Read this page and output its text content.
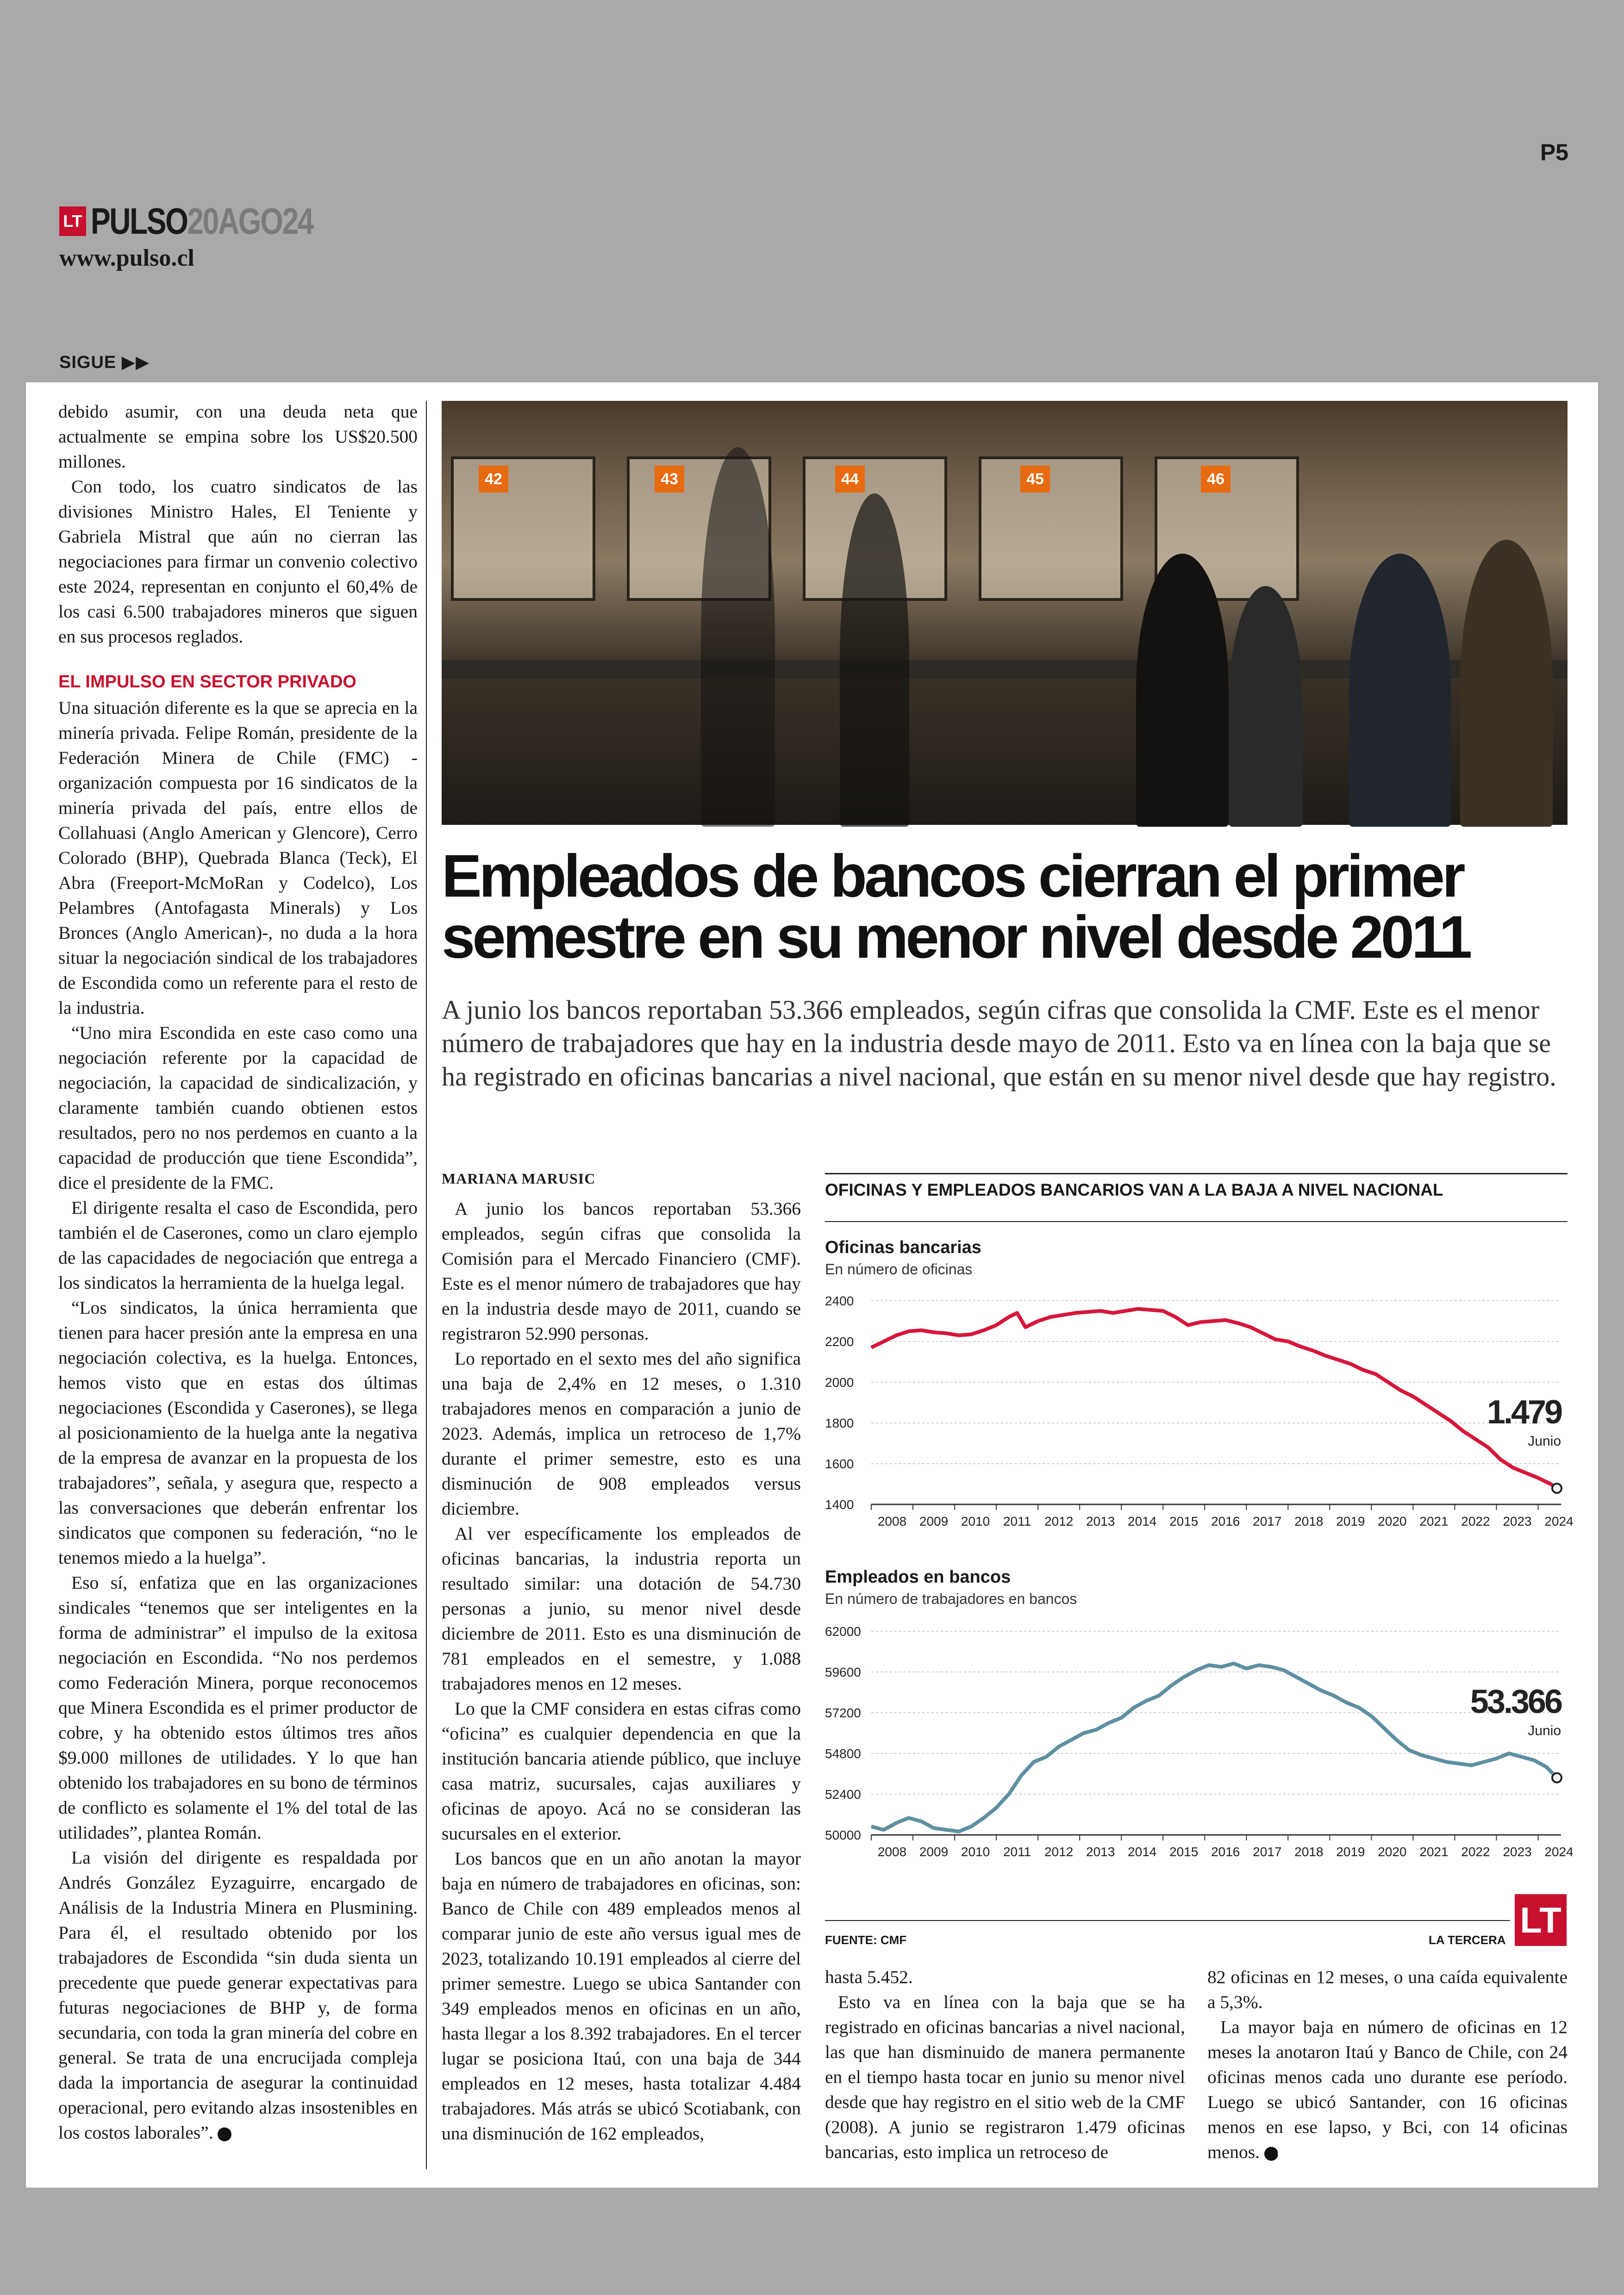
P5
LT PULSO20AGO24
www.pulso.cl
SIGUE ▶▶

debido asumir, con una deuda neta que actualmente se empina sobre los US$20.500 millones.

Con todo, los cuatro sindicatos de las divisiones Ministro Hales, El Teniente y Gabriela Mistral que aún no cierran las negociaciones para firmar un convenio colectivo este 2024, representan en conjunto el 60,4% de los casi 6.500 trabajadores mineros que siguen en sus procesos reglados.

EL IMPULSO EN SECTOR PRIVADO

Una situación diferente es la que se aprecia en la minería privada. Felipe Román, presidente de la Federación Minera de Chile (FMC) -organización compuesta por 16 sindicatos de la minería privada del país, entre ellos de Collahuasi (Anglo American y Glencore), Cerro Colorado (BHP), Quebrada Blanca (Teck), El Abra (Freeport-McMoRan y Codelco), Los Pelambres (Antofagasta Minerals) y Los Bronces (Anglo American)-, no duda a la hora situar la negociación sindical de los trabajadores de Escondida como un referente para el resto de la industria.

“Uno mira Escondida en este caso como una negociación referente por la capacidad de negociación, la capacidad de sindicalización, y claramente también cuando obtienen estos resultados, pero no nos perdemos en cuanto a la capacidad de producción que tiene Escondida”, dice el presidente de la FMC.

El dirigente resalta el caso de Escondida, pero también el de Caserones, como un claro ejemplo de las capacidades de negociación que entrega a los sindicatos la herramienta de la huelga legal.

“Los sindicatos, la única herramienta que tienen para hacer presión ante la empresa en una negociación colectiva, es la huelga. Entonces, hemos visto que en estas dos últimas negociaciones (Escondida y Caserones), se llega al posicionamiento de la huelga ante la negativa de la empresa de avanzar en la propuesta de los trabajadores”, señala, y asegura que, respecto a las conversaciones que deberán enfrentar los sindicatos que componen su federación, “no le tenemos miedo a la huelga”.

Eso sí, enfatiza que en las organizaciones sindicales “tenemos que ser inteligentes en la forma de administrar” el impulso de la exitosa negociación en Escondida. “No nos perdemos como Federación Minera, porque reconocemos que Minera Escondida es el primer productor de cobre, y ha obtenido estos últimos tres años $9.000 millones de utilidades. Y lo que han obtenido los trabajadores en su bono de términos de conflicto es solamente el 1% del total de las utilidades”, plantea Román.

La visión del dirigente es respaldada por Andrés González Eyzaguirre, encargado de Análisis de la Industria Minera en Plusmining. Para él, el resultado obtenido por los trabajadores de Escondida “sin duda sienta un precedente que puede generar expectativas para futuras negociaciones de BHP y, de forma secundaria, con toda la gran minería del cobre en general. Se trata de una encrucijada compleja dada la importancia de asegurar la continuidad operacional, pero evitando alzas insostenibles en los costos laborales”. P

42	43	44	45	46
Empleados de bancos cierran el primer semestre en su menor nivel desde 2011
A junio los bancos reportaban 53.366 empleados, según cifras que consolida la CMF. Este es el menor número de trabajadores que hay en la industria desde mayo de 2011. Esto va en línea con la baja que se ha registrado en oficinas bancarias a nivel nacional, que están en su menor nivel desde que hay registro.
MARIANA MARUSIC

A junio los bancos reportaban 53.366 empleados, según cifras que consolida la Comisión para el Mercado Financiero (CMF). Este es el menor número de trabajadores que hay en la industria desde mayo de 2011, cuando se registraron 52.990 personas.

Lo reportado en el sexto mes del año significa una baja de 2,4% en 12 meses, o 1.310 trabajadores menos en comparación a junio de 2023. Además, implica un retroceso de 1,7% durante el primer semestre, esto es una disminución de 908 empleados versus diciembre.

Al ver específicamente los empleados de oficinas bancarias, la industria reporta un resultado similar: una dotación de 54.730 personas a junio, su menor nivel desde diciembre de 2011. Esto es una disminución de 781 empleados en el semestre, y 1.088 trabajadores menos en 12 meses.

Lo que la CMF considera en estas cifras como “oficina” es cualquier dependencia en que la institución bancaria atiende público, que incluye casa matriz, sucursales, cajas auxiliares y oficinas de apoyo. Acá no se consideran las sucursales en el exterior.

Los bancos que en un año anotan la mayor baja en número de trabajadores en oficinas, son: Banco de Chile con 489 empleados menos al comparar junio de este año versus igual mes de 2023, totalizando 10.191 empleados al cierre del primer semestre. Luego se ubica Santander con 349 empleados menos en oficinas en un año, hasta llegar a los 8.392 trabajadores. En el tercer lugar se posiciona Itaú, con una baja de 344 empleados en 12 meses, hasta totalizar 4.484 trabajadores. Más atrás se ubicó Scotiabank, con una disminución de 162 empleados,

hasta 5.452.

Esto va en línea con la baja que se ha registrado en oficinas bancarias a nivel nacional, las que han disminuido de manera permanente en el tiempo hasta tocar en junio su menor nivel desde que hay registro en el sitio web de la CMF (2008). A junio se registraron 1.479 oficinas bancarias, esto implica un retroceso de

82 oficinas en 12 meses, o una caída equivalente a 5,3%.

La mayor baja en número de oficinas en 12 meses la anotaron Itaú y Banco de Chile, con 24 oficinas menos cada uno durante ese período. Luego se ubicó Santander, con 16 oficinas menos en ese lapso, y Bci, con 14 oficinas menos. P

OFICINAS Y EMPLEADOS BANCARIOS VAN A LA BAJA A NIVEL NACIONAL
Oficinas bancarias
En número de oficinas
2400
2200
2000
1800
1600
1400
2008 2009 2010 2011 2012 2013 2014 2015 2016 2017 2018 2019 2020 2021 2022 2023 2024
1.479
Junio
Empleados en bancos
En número de trabajadores en bancos
62000
59600
57200
54800
52400
50000
2008 2009 2010 2011 2012 2013 2014 2015 2016 2017 2018 2019 2020 2021 2022 2023 2024
53.366
Junio
FUENTE: CMF	LA TERCERA LT
